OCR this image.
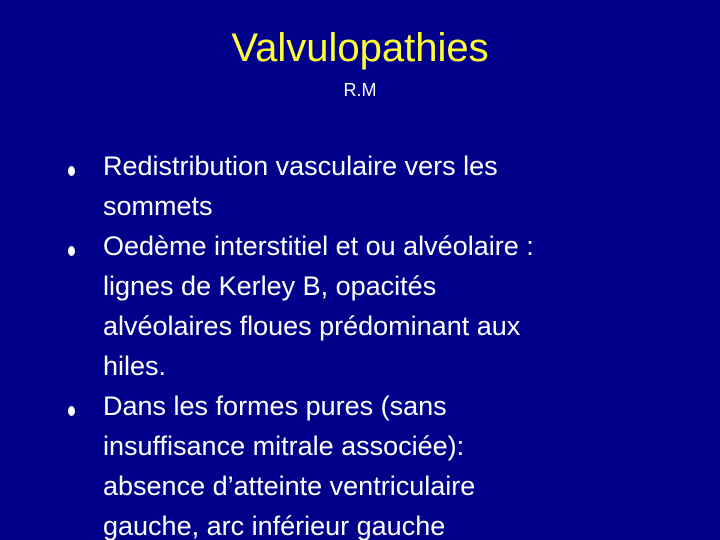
Valvulopathies
R.M
Redistribution vasculaire vers les sommets
Oedème interstitiel et ou alvéolaire : lignes de Kerley B, opacités alvéolaires floues prédominant aux hiles.
Dans les formes pures (sans insuffisance mitrale associée): absence d’atteinte ventriculaire gauche, arc inférieur gauche
